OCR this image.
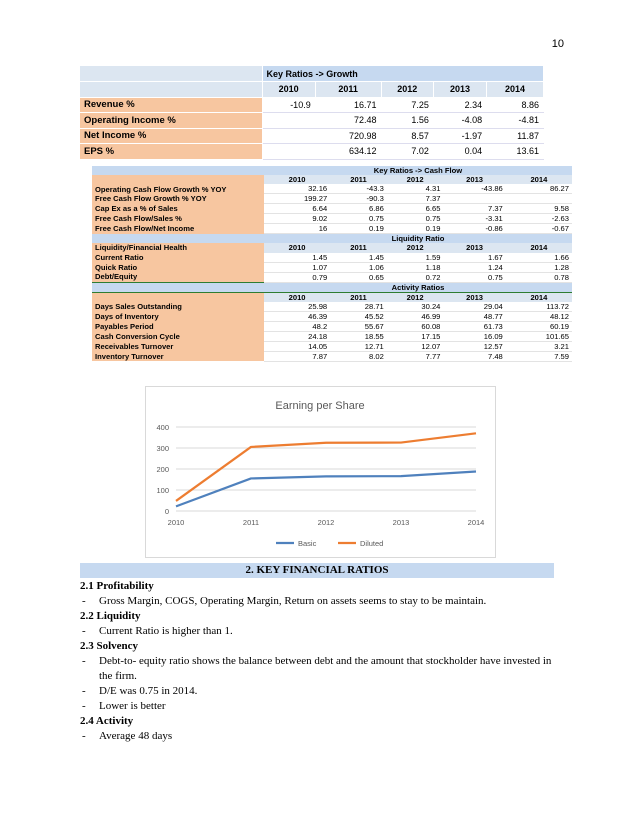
10
	Key Ratios -> Growth				
	2010	2011	2012	2013	2014
Revenue %	-10.9	16.71	7.25	2.34	8.86
Operating Income %		72.48	1.56	-4.08	-4.81
Net Income %		720.98	8.57	-1.97	11.87
EPS %		634.12	7.02	0.04	13.61
	Key Ratios -> Cash Flow				
	2010	2011	2012	2013	2014
Operating Cash Flow Growth % YOY	32.16	-43.3	4.31	-43.86	86.27
Free Cash Flow Growth % YOY	199.27	-90.3	7.37		
Cap Ex as a % of Sales	6.64	6.86	6.65	7.37	9.58
Free Cash Flow/Sales %	9.02	0.75	0.75	-3.31	-2.63
Free Cash Flow/Net Income	16	0.19	0.19	-0.86	-0.67
	Liquidity Ratio				
Liquidity/Financial Health	2010	2011	2012	2013	2014
Current Ratio	1.45	1.45	1.59	1.67	1.66
Quick Ratio	1.07	1.06	1.18	1.24	1.28
Debt/Equity	0.79	0.65	0.72	0.75	0.78
	Activity Ratios				
	2010	2011	2012	2013	2014
Days Sales Outstanding	25.98	28.71	30.24	29.04	113.72
Days of Inventory	46.39	45.52	46.99	48.77	48.12
Payables Period	48.2	55.67	60.08	61.73	60.19
Cash Conversion Cycle	24.18	18.55	17.15	16.09	101.65
Receivables Turnover	14.05	12.71	12.07	12.57	3.21
Inventory Turnover	7.87	8.02	7.77	7.48	7.59
Earning per Share
0
100
200
300
400
2010	2011	2012	2013	2014
Basic	Diluted
2. KEY FINANCIAL RATIOS
2.1 Profitability
- Gross Margin, COGS, Operating Margin, Return on assets seems to stay to be maintain.
2.2 Liquidity
- Current Ratio is higher than 1.
2.3 Solvency
- Debt-to- equity ratio shows the balance between debt and the amount that stockholder have invested in the firm.
- D/E was 0.75 in 2014.
- Lower is better
2.4 Activity
- Average 48 days
